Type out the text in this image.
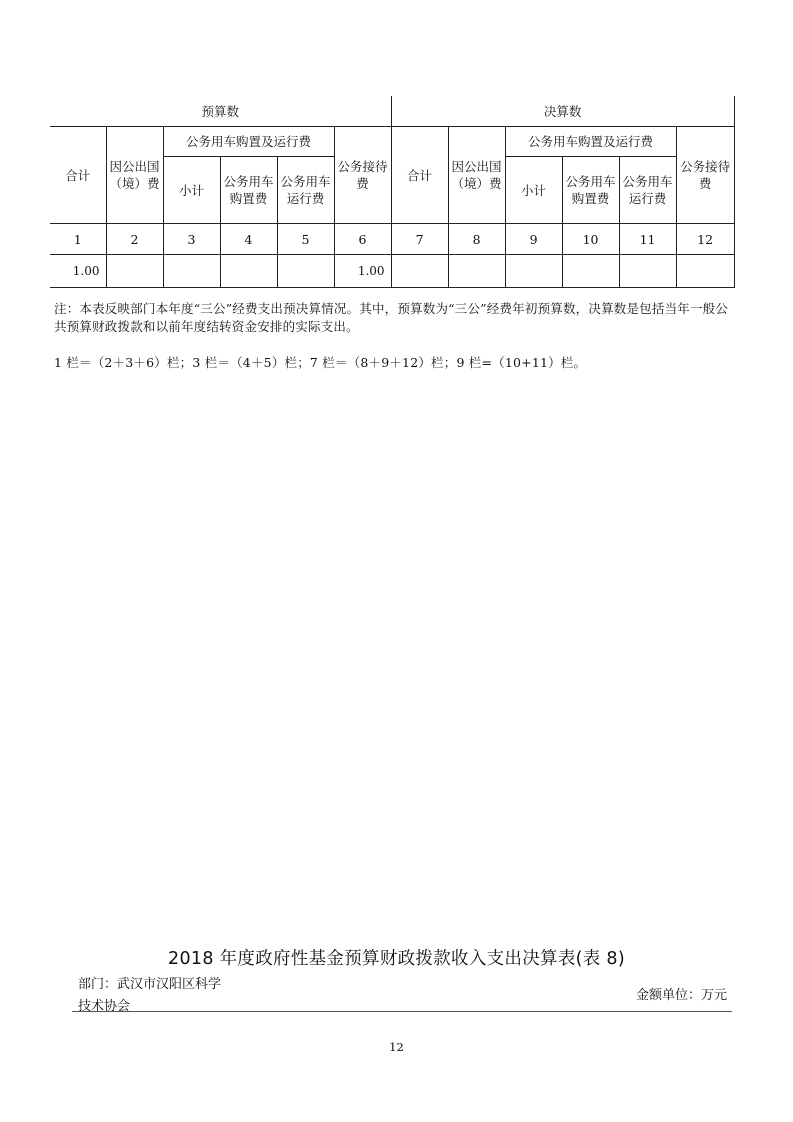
预算数						决算数					
合计	因公出国（境）费	公务用车购置及运行费			公务接待费	合计	因公出国（境）费	公务用车购置及运行费			公务接待费
		小计	公务用车购置费	公务用车运行费				小计	公务用车购置费	公务用车运行费	
1	2	3	4	5	6	7	8	9	10	11	12
1.00					1.00						
注：本表反映部门本年度“三公”经费支出预决算情况。其中，预算数为“三公”经费年初预算数，决算数是包括当年一般公共预算财政拨款和以前年度结转资金安排的实际支出。
1 栏＝（2＋3＋6）栏；3 栏＝（4＋5）栏；7 栏＝（8＋9＋12）栏；9 栏=（10+11）栏。
2018 年度政府性基金预算财政拨款收入支出决算表(表 8)
部门：武汉市汉阳区科学
技术协会
金额单位：万元
12
